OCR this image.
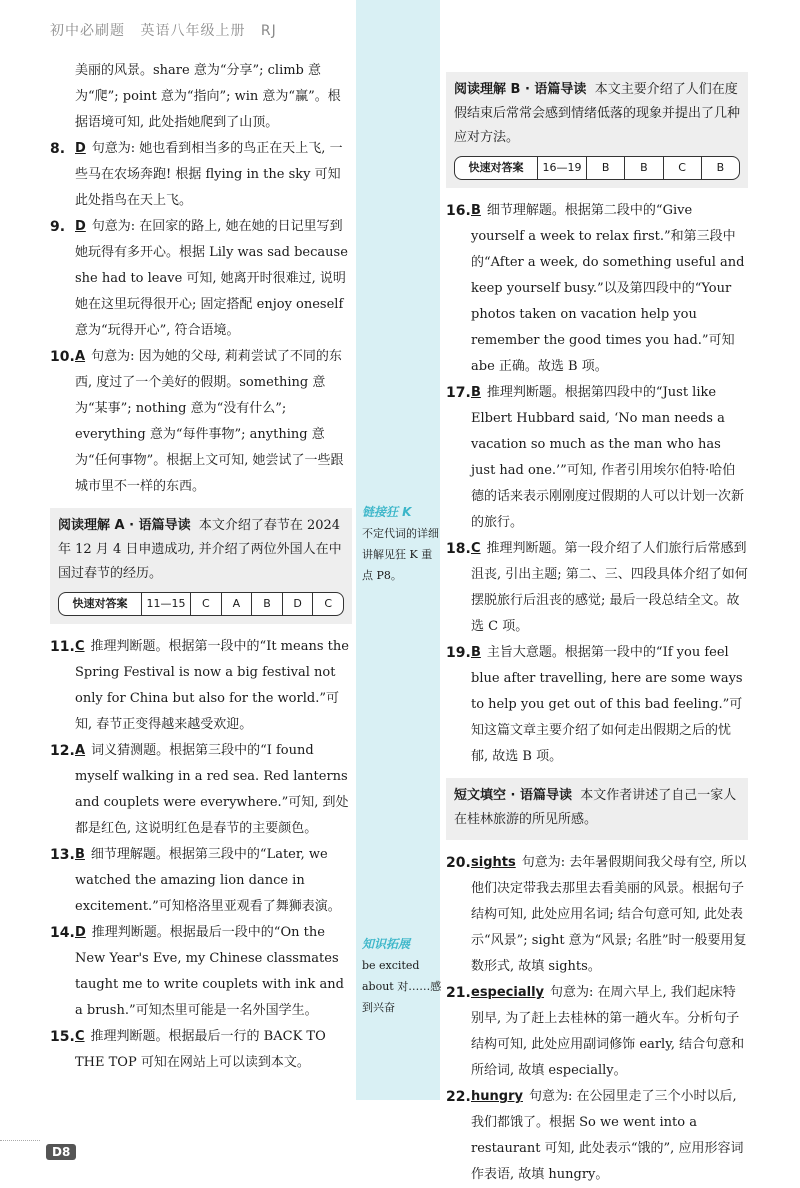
初中必刷题 英语八年级上册 RJ

美丽的风景。share 意为“分享”; climb 意为“爬”; point 意为“指向”; win 意为“赢”。根据语境可知, 此处指她爬到了山顶。

8. D 句意为: 她也看到相当多的鸟正在天上飞, 一些马在农场奔跑! 根据 flying in the sky 可知此处指鸟在天上飞。

9. D 句意为: 在回家的路上, 她在她的日记里写到她玩得有多开心。根据 Lily was sad because she had to leave 可知, 她离开时很难过, 说明她在这里玩得很开心; 固定搭配 enjoy oneself 意为“玩得开心”, 符合语境。

10. A 句意为: 因为她的父母, 莉莉尝试了不同的东西, 度过了一个美好的假期。something 意为“某事”; nothing 意为“没有什么”; everything 意为“每件事物”; anything 意为“任何事物”。根据上文可知, 她尝试了一些跟城市里不一样的东西。

阅读理解 A · 语篇导读 本文介绍了春节在 2024 年 12 月 4 日申遗成功, 并介绍了两位外国人在中国过春节的经历。
快速对答案	11—15	C	A	B	D	C

11. C 推理判断题。根据第一段中的“It means the Spring Festival is now a big festival not only for China but also for the world.”可知, 春节正变得越来越受欢迎。

12. A 词义猜测题。根据第三段中的“I found myself walking in a red sea. Red lanterns and couplets were everywhere.”可知, 到处都是红色, 这说明红色是春节的主要颜色。

13. B 细节理解题。根据第三段中的“Later, we watched the amazing lion dance in excitement.”可知格洛里亚观看了舞狮表演。

14. D 推理判断题。根据最后一段中的“On the New Year's Eve, my Chinese classmates taught me to write couplets with ink and a brush.”可知杰里可能是一名外国学生。

15. C 推理判断题。根据最后一行的 BACK TO THE TOP 可知在网站上可以读到本文。

链接狂 K
不定代词的详细讲解见狂 K 重点 P8。
知识拓展
be excited about 对……感到兴奋
阅读理解 B · 语篇导读 本文主要介绍了人们在度假结束后常常会感到情绪低落的现象并提出了几种应对方法。
快速对答案	16—19	B	B	C	B

16. B 细节理解题。根据第二段中的“Give yourself a week to relax first.”和第三段中的“After a week, do something useful and keep yourself busy.”以及第四段中的“Your photos taken on vacation help you remember the good times you had.”可知 abe 正确。故选 B 项。

17. B 推理判断题。根据第四段中的“Just like Elbert Hubbard said, ‘No man needs a vacation so much as the man who has just had one.’”可知, 作者引用埃尔伯特·哈伯德的话来表示刚刚度过假期的人可以计划一次新的旅行。

18. C 推理判断题。第一段介绍了人们旅行后常感到沮丧, 引出主题; 第二、三、四段具体介绍了如何摆脱旅行后沮丧的感觉; 最后一段总结全文。故选 C 项。

19. B 主旨大意题。根据第一段中的“If you feel blue after travelling, here are some ways to help you get out of this bad feeling.”可知这篇文章主要介绍了如何走出假期之后的忧郁, 故选 B 项。

短文填空 · 语篇导读 本文作者讲述了自己一家人在桂林旅游的所见所感。

20. sights 句意为: 去年暑假期间我父母有空, 所以他们决定带我去那里去看美丽的风景。根据句子结构可知, 此处应用名词; 结合句意可知, 此处表示“风景”; sight 意为“风景; 名胜”时一般要用复数形式, 故填 sights。

21. especially 句意为: 在周六早上, 我们起床特别早, 为了赶上去桂林的第一趟火车。分析句子结构可知, 此处应用副词修饰 early, 结合句意和所给词, 故填 especially。

22. hungry 句意为: 在公园里走了三个小时以后, 我们都饿了。根据 So we went into a restaurant 可知, 此处表示“饿的”, 应用形容词作表语, 故填 hungry。

D8
